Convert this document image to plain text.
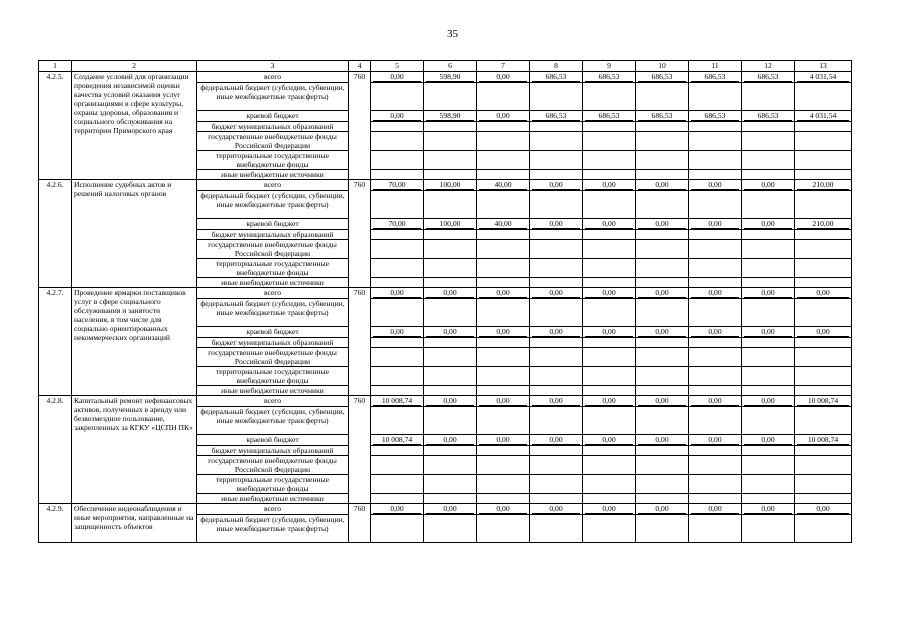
35
1	2	3	4	5	6	7	8	9	10	11	12	13
4.2.5.	Создание условий для организации проведения независимой оценки качества условий оказания услуг организациями в сфере культуры, охраны здоровья, образования и социального обслуживания на территории Приморского края	всего	760	0,00	598,90	0,00	686,53	686,53	686,53	686,53	686,53	4 031,54
		федеральный бюджет (субсидии, субвенции, иные межбюджетные трансферты)										
		краевой бюджет		0,00	598,90	0,00	686,53	686,53	686,53	686,53	686,53	4 031,54
		бюджет муниципальных образований										
		государственные внебюджетные фонды Российской Федерации										
		территориальные государственные внебюджетные фонды										
		иные внебюджетные источники										
4.2.6.	Исполнение судебных актов и решений налоговых органов	всего	760	70,00	100,00	40,00	0,00	0,00	0,00	0,00	0,00	210,00
		федеральный бюджет (субсидии, субвенции, иные межбюджетные трансферты)										
		краевой бюджет		70,00	100,00	40,00	0,00	0,00	0,00	0,00	0,00	210,00
		бюджет муниципальных образований										
		государственные внебюджетные фонды Российской Федерации										
		территориальные государственные внебюджетные фонды										
		иные внебюджетные источники										
4.2.7.	Проведение ярмарки поставщиков услуг в сфере социального обслуживания и занятости населения, в том числе для социально ориентированных некоммерческих организаций	всего	760	0,00	0,00	0,00	0,00	0,00	0,00	0,00	0,00	0,00
		федеральный бюджет (субсидии, субвенции, иные межбюджетные трансферты)										
		краевой бюджет		0,00	0,00	0,00	0,00	0,00	0,00	0,00	0,00	0,00
		бюджет муниципальных образований										
		государственные внебюджетные фонды Российской Федерации										
		территориальные государственные внебюджетные фонды										
		иные внебюджетные источники										
4.2.8.	Капитальный ремонт нефинансовых активов, полученных в аренду или безвозмездное пользование, закрепленных за КГКУ «ЦСПН ПК»	всего	760	10 008,74	0,00	0,00	0,00	0,00	0,00	0,00	0,00	10 008,74
		федеральный бюджет (субсидии, субвенции, иные межбюджетные трансферты)										
		краевой бюджет		10 008,74	0,00	0,00	0,00	0,00	0,00	0,00	0,00	10 008,74
		бюджет муниципальных образований										
		государственные внебюджетные фонды Российской Федерации										
		территориальные государственные внебюджетные фонды										
		иные внебюджетные источники										
4.2.9.	Обеспечение видеонаблюдения и иные мероприятия, направленные на защищенность объектов	всего	760	0,00	0,00	0,00	0,00	0,00	0,00	0,00	0,00	0,00
		федеральный бюджет (субсидии, субвенции, иные межбюджетные трансферты)										
